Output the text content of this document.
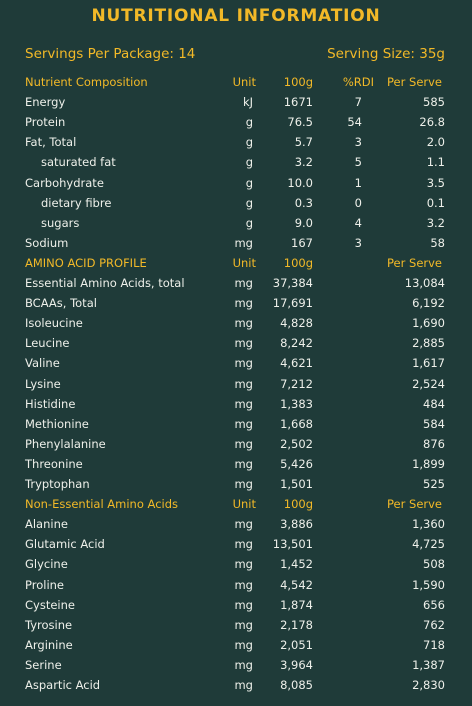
NUTRITIONAL INFORMATION
Servings Per Package: 14	Serving Size: 35g
Nutrient Composition	Unit 100g	%RDI Per Serve
Energy	kJ	1671	7	585
Protein	g	76.5	54	26.8
Fat, Total	g	5.7	3	2.0
saturated fat	g	3.2	5	1.1
Carbohydrate	g	10.0	1	3.5
dietary fibre	g	0.3	0	0.1
sugars	g	9.0	4	3.2
Sodium	mg	167	3	58
AMINO ACID PROFILE	Unit 100g	Per Serve
Essential Amino Acids, total	mg 37,384	13,084
BCAAs, Total	mg 17,691	6,192
Isoleucine	mg 4,828	1,690
Leucine	mg 8,242	2,885
Valine	mg 4,621	1,617
Lysine	mg 7,212	2,524
Histidine	mg 1,383	484
Methionine	mg 1,668	584
Phenylalanine	mg 2,502	876
Threonine	mg 5,426	1,899
Tryptophan	mg 1,501	525
Non-Essential Amino Acids	Unit 100g	Per Serve
Alanine	mg 3,886	1,360
Glutamic Acid	mg 13,501	4,725
Glycine	mg 1,452	508
Proline	mg 4,542	1,590
Cysteine	mg 1,874	656
Tyrosine	mg 2,178	762
Arginine	mg 2,051	718
Serine	mg 3,964	1,387
Aspartic Acid	mg 8,085	2,830
